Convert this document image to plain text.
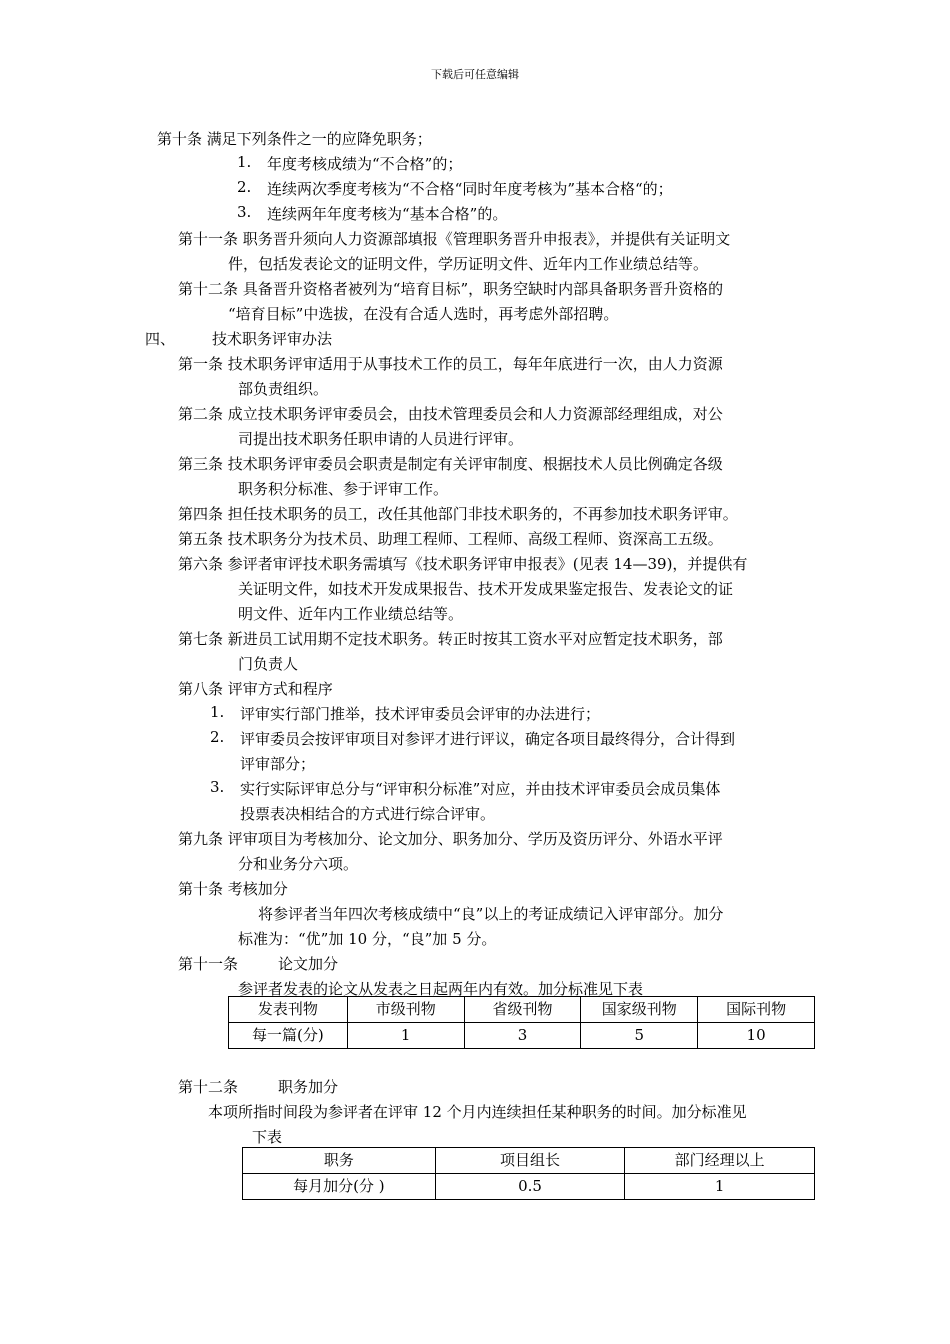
下载后可任意编辑
第十条 满足下列条件之一的应降免职务；
1. 年度考核成绩为“不合格”的；
2. 连续两次季度考核为“不合格“同时年度考核为”基本合格“的；
3. 连续两年年度考核为“基本合格”的。
第十一条 职务晋升须向人力资源部填报《管理职务晋升申报表》，并提供有关证明文
件，包括发表论文的证明文件，学历证明文件、近年内工作业绩总结等。
第十二条 具备晋升资格者被列为“培育目标”，职务空缺时内部具备职务晋升资格的
“培育目标”中选拔，在没有合适人选时，再考虑外部招聘。
四、 技术职务评审办法
第一条 技术职务评审适用于从事技术工作的员工，每年年底进行一次，由人力资源
部负责组织。
第二条 成立技术职务评审委员会，由技术管理委员会和人力资源部经理组成，对公
司提出技术职务任职申请的人员进行评审。
第三条 技术职务评审委员会职责是制定有关评审制度、根据技术人员比例确定各级
职务积分标准、参于评审工作。
第四条 担任技术职务的员工，改任其他部门非技术职务的，不再参加技术职务评审。
第五条 技术职务分为技术员、助理工程师、工程师、高级工程师、资深高工五级。
第六条 参评者审评技术职务需填写《技术职务评审申报表》(见表 14—39)，并提供有
关证明文件，如技术开发成果报告、技术开发成果鉴定报告、发表论文的证
明文件、近年内工作业绩总结等。
第七条 新进员工试用期不定技术职务。转正时按其工资水平对应暂定技术职务，部
门负责人
第八条 评审方式和程序
1. 评审实行部门推举，技术评审委员会评审的办法进行；
2. 评审委员会按评审项目对参评才进行评议，确定各项目最终得分，合计得到
评审部分；
3. 实行实际评审总分与“评审积分标准”对应，并由技术评审委员会成员集体
投票表决相结合的方式进行综合评审。
第九条 评审项目为考核加分、论文加分、职务加分、学历及资历评分、外语水平评
分和业务分六项。
第十条 考核加分
将参评者当年四次考核成绩中“良”以上的考证成绩记入评审部分。加分
标准为：“优”加 10 分，“良”加 5 分。
第十一条	论文加分
参评者发表的论文从发表之日起两年内有效。加分标准见下表
发表刊物	市级刊物	省级刊物	国家级刊物	国际刊物
每一篇(分)	1	3	5	10
第十二条	职务加分
本项所指时间段为参评者在评审 12 个月内连续担任某种职务的时间。加分标准见
下表
职务	项目组长	部门经理以上
每月加分(分 )	0.5	1
